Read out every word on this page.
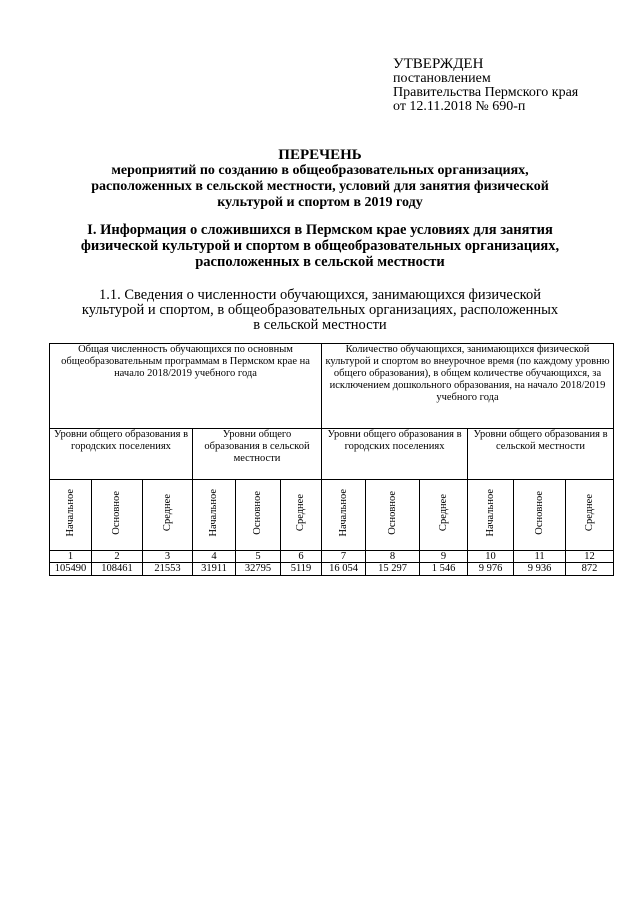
УТВЕРЖДЕН
постановлением
Правительства Пермского края
от 12.11.2018 № 690-п
ПЕРЕЧЕНЬ
мероприятий по созданию в общеобразовательных организациях, расположенных в сельской местности, условий для занятия физической культурой и спортом в 2019 году
I. Информация о сложившихся в Пермском крае условиях для занятия физической культурой и спортом в общеобразовательных организациях, расположенных в сельской местности
1.1. Сведения о численности обучающихся, занимающихся физической культурой и спортом, в общеобразовательных организациях, расположенных в сельской местности
Общая численность обучающихся по основным общеобразовательным программам в Пермском крае на начало 2018/2019 учебного года						Количество обучающихся, занимающихся физической культурой и спортом во внеурочное время (по каждому уровню общего образования), в общем количестве обучающихся, за исключением дошкольного образования, на начало 2018/2019 учебного года					
Уровни общего образования в городских поселениях			Уровни общего образования в сельской местности			Уровни общего образования в городских поселениях			Уровни общего образования в сельской местности		
Начальное	Основное	Среднее	Начальное	Основное	Среднее	Начальное	Основное	Среднее	Начальное	Основное	Среднее
1	2	3	4	5	6	7	8	9	10	11	12
105490	108461	21553	31911	32795	5119	16 054	15 297	1 546	9 976	9 936	872
